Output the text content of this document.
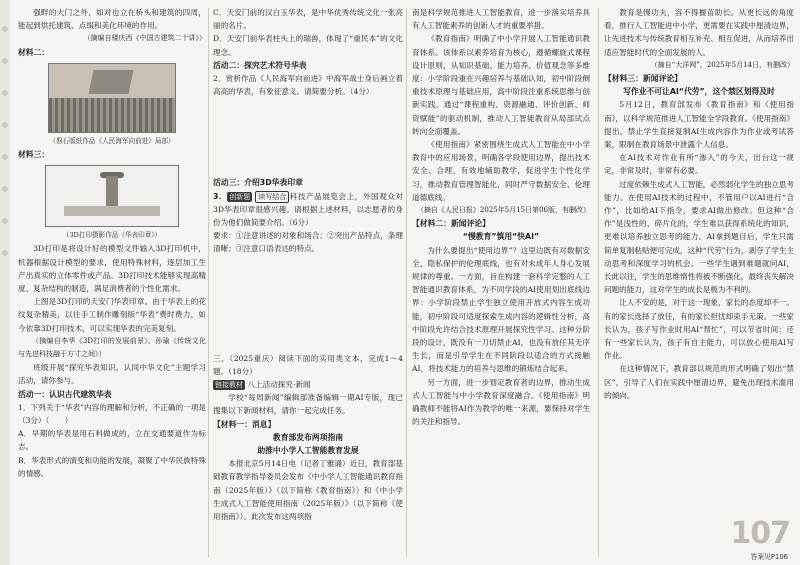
强畔的大门之外，如对也立在桥头和建筑的四周，能起到烘托建筑、点缀和美化环境的作用。

（摘编自楼庆西《中国古建筑二十讲》）

材料二：

（磐石版纸作品《人民海军向前进》局部）

材料三：

（3D打印摄影作品《华表印章》）

3D打印是将设计好的模型文件输入3D打印机中，机器根据设计模型的要求，使用特殊材料，逐层加工生产出真实的立体零件或产品。3D打印技术能够实现高精度、复杂结构的制造，满足消费者的个性化需求。

上图是3D打印的天安门华表印章。由于华表上的花纹复杂精美，以往手工制作雕刻版“华表”费时费力，如今依靠3D打印技术，可以实现华表的完美复刻。

（摘编自李华《3D打印的发展前景》、孙瑜《传统文化与先进科技融于方寸之间》）

班级开展“探究华表知识，认同中华文化”主题学习活动，请你参与。

活动一：认识古代建筑华表

1．下列关于“华表”内容的理解和分析，不正确的一项是（3分）（　　）

A．早期的华表是用石料做成的，立在交通要道作为标志。

B．华表形式的演变和功能的发展，凝聚了中华民族特殊的情感。

C．天安门前的汉白玉华表，是中华优秀传统文化一张亮丽的名片。

D．天安门前华表柱头上的瑞兽，体现了“重民本”的文化理念。

活动二：探究艺术符号华表

2．赏析作品《人民海军向前进》中海军战士身后画立着高高的华表，有象征意义。请简要分析。（4分）

活动三：介绍3D华表印章

3． 创新题 读写结合 科技产品展览会上，外国观众对3D华表印章很感兴趣。请根据上述材料，以志愿者的身份为他们做简要介绍。（6分）

要求：①注意讲述的对象和场合；②突出产品特点，条理清晰；③注意口语表达的特点。

三、（2025重庆）阅读下面的实用类文本，完成1～4题。（18分）

链接教材 八上活动探究·新闻

学校“每周新闻”编辑部准备编辑一期AI专版，现已搜集以下新闻材料，请你一起完成任务。

【材料一：消息】

教育部发布两项指南

助推中小学人工智能教育发展

本报北京5月14日电（记者丁雅诵）近日，教育部基础教育教学指导委员会发布《中小学人工智能通识教育指南（2025年版）》（以下简称《教育指南》）和《中小学生成式人工智能使用指南（2025年版）》（以下简称《使用指南》）。此次发布这两项指

南是科学规范推进人工智能教育，进一步落实培养具有人工智能素养的创新人才的重要举措。

《教育指南》明确了中小学开展人工智能通识教育体系。该体系以素养培育为核心，遵循螺旋式课程设计原则，从知识基础、能力培养、价值观念等多维度：小学阶段重在兴趣培养与基础认知，初中阶段侧重技术原理与基础应用，高中阶段注重系统思维与创新实践。通过“课程重构、资源融通、评价创新、师资赋能”的驱动机制，推动人工智能教育从局部试点转向全面覆盖。

《使用指南》紧密围绕生成式人工智能在中小学教育中的应用场景，明确各学段使用边界，提出技术安全、合理、有效地辅助教学，促进学生个性化学习，推动教育管理智能化，同时严守数据安全、伦理道德底线。

（摘自《人民日报》2025年5月15日第06版，有删改）

【材料二：新闻评论】

“慢教育”慎用“快AI”

为什么要提出“使用边界”？这里边既有对数据安全、隐私保护的伦理底线，也有对未成年人身心发展规律的尊重。一方面，旨在构建一套科学完整的人工智能通识教育体系，为不同学段的AI使用划出底线边界：小学阶段禁止学生独立使用开放式内容生成功能，初中阶段可适度探索生成内容的逻辑性分析，高中阶段允许结合技术原理开展探究性学习。这种分阶段的设计，既没有一刀切禁止AI，也没有放任其无序生长，而是引导学生在不同阶段以适合的方式接触AI，将技术能力的培养与思维的锻炼结合起来。

另一方面，进一步划定教育者的边界，推动生成式人工智能与中小学教育深度融合。《使用指南》明确教师不能将AI作为教学的唯一来源，要保持对学生的关注和指导。

教育是慢功夫，容不得揠苗助长。从更长远的角度看，推行人工智能进中小学，更需要在实践中厘清边界，让先进技术与传统教育相互补充、相互促进，从而培养出适应智能时代的全面发展的人。

（摘自“大洋网”，2025年5月14日，有删改）

【材料三：新闻评论】

写作业不可让AI“代劳”，这个禁区划得及时

5月12日，教育部发布《教育指南》和《使用指南》，以科学规范推进人工智能全学段教育。《使用指南》提出，禁止学生直接复制AI生成内容作为作业或考试答案，限制在教育场景中泄露个人信息。

在AI技术对作业有所“渗入”的今天，出台这一规定，非常及时，非常有必要。

过度依赖生成式人工智能，必然弱化学生的独立思考能力。在使用AI技术的过程中，不管用户以AI进行“合作”，比如给AI下指令，要求AI做出修改。但这种“合作”是浅性的、碎片化的，学生难以获得系统化的知识，更难以培养独立思考的能力。AI拿到题目后，学生只需简单复制粘贴便可完成，这种“代劳”行为，剥夺了学生主动思考和深度学习的机会。一些学生遇到难题就问AI，长此以往，学生的思维惰性将被不断强化，最终丧失解决问题的能力，这对学生的成长是极为不利的。

让人不安的是，对于这一现象，家长的态度却不一。有的家长选择了放任，有的家长担忧却束手无策。一些家长认为，孩子写作业时用AI“帮忙”，可以节省时间；还有一些家长认为，孩子有自主能力，可以放心使用AI写作业。

在这种情况下，教育部以规范的形式明确了划出“禁区”，引导了人们在实践中厘清边界，避免出现技术滥用的倾向。

107
答案见P106
